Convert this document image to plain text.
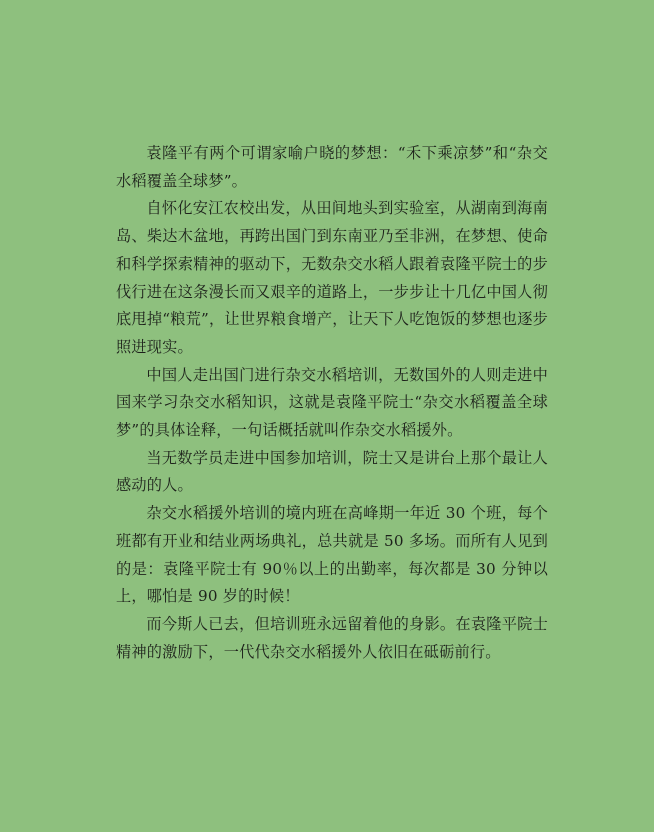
袁隆平有两个可谓家喻户晓的梦想：“禾下乘凉梦”和“杂交水稻覆盖全球梦”。

自怀化安江农校出发，从田间地头到实验室，从湖南到海南岛、柴达木盆地，再跨出国门到东南亚乃至非洲，在梦想、使命和科学探索精神的驱动下，无数杂交水稻人跟着袁隆平院士的步伐行进在这条漫长而又艰辛的道路上，一步步让十几亿中国人彻底甩掉“粮荒”，让世界粮食增产，让天下人吃饱饭的梦想也逐步照进现实。

中国人走出国门进行杂交水稻培训，无数国外的人则走进中国来学习杂交水稻知识，这就是袁隆平院士“杂交水稻覆盖全球梦”的具体诠释，一句话概括就叫作杂交水稻援外。

当无数学员走进中国参加培训，院士又是讲台上那个最让人感动的人。

杂交水稻援外培训的境内班在高峰期一年近 30 个班，每个班都有开业和结业两场典礼，总共就是 50 多场。而所有人见到的是：袁隆平院士有 90％以上的出勤率，每次都是 30 分钟以上，哪怕是 90 岁的时候！

而今斯人已去，但培训班永远留着他的身影。在袁隆平院士精神的激励下，一代代杂交水稻援外人依旧在砥砺前行。
